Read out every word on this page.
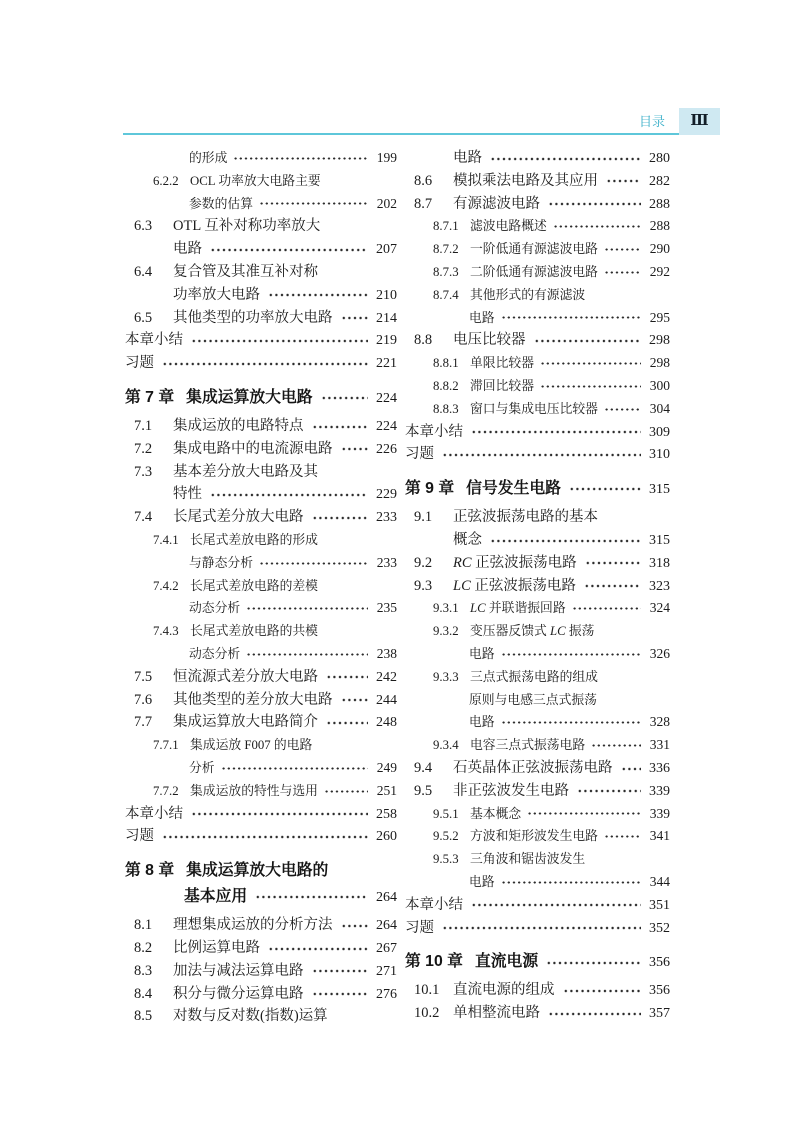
目录	Ⅲ
的形成	199
6.2.2 OCL 功率放大电路主要
参数的估算	202
6.3	OTL 互补对称功率放大
电路	207
6.4	复合管及其准互补对称
功率放大电路	210
6.5	其他类型的功率放大电路	214
本章小结	219
习题	221
第 7 章 集成运算放大电路	224
7.1	集成运放的电路特点	224
7.2	集成电路中的电流源电路	226
7.3	基本差分放大电路及其
特性	229
7.4	长尾式差分放大电路	233
7.4.1 长尾式差放电路的形成
与静态分析	233
7.4.2 长尾式差放电路的差模
动态分析	235
7.4.3 长尾式差放电路的共模
动态分析	238
7.5	恒流源式差分放大电路	242
7.6	其他类型的差分放大电路	244
7.7	集成运算放大电路简介	248
7.7.1 集成运放 F007 的电路
分析	249
7.7.2 集成运放的特性与选用	251
本章小结	258
习题	260
第 8 章 集成运算放大电路的
基本应用	264
8.1	理想集成运放的分析方法	264
8.2	比例运算电路	267
8.3	加法与减法运算电路	271
8.4	积分与微分运算电路	276
8.5	对数与反对数(指数)运算
电路	280
8.6	模拟乘法电路及其应用	282
8.7	有源滤波电路	288
8.7.1 滤波电路概述	288
8.7.2 一阶低通有源滤波电路	290
8.7.3 二阶低通有源滤波电路	292
8.7.4 其他形式的有源滤波
电路	295
8.8	电压比较器	298
8.8.1 单限比较器	298
8.8.2 滞回比较器	300
8.8.3 窗口与集成电压比较器	304
本章小结	309
习题	310
第 9 章 信号发生电路	315
9.1	正弦波振荡电路的基本
概念	315
9.2	RC 正弦波振荡电路	318
9.3	LC 正弦波振荡电路	323
9.3.1 LC 并联谐振回路	324
9.3.2 变压器反馈式 LC 振荡
电路	326
9.3.3 三点式振荡电路的组成
原则与电感三点式振荡
电路	328
9.3.4 电容三点式振荡电路	331
9.4	石英晶体正弦波振荡电路	336
9.5	非正弦波发生电路	339
9.5.1 基本概念	339
9.5.2 方波和矩形波发生电路	341
9.5.3 三角波和锯齿波发生
电路	344
本章小结	351
习题	352
第 10 章 直流电源	356
10.1 直流电源的组成	356
10.2 单相整流电路	357
